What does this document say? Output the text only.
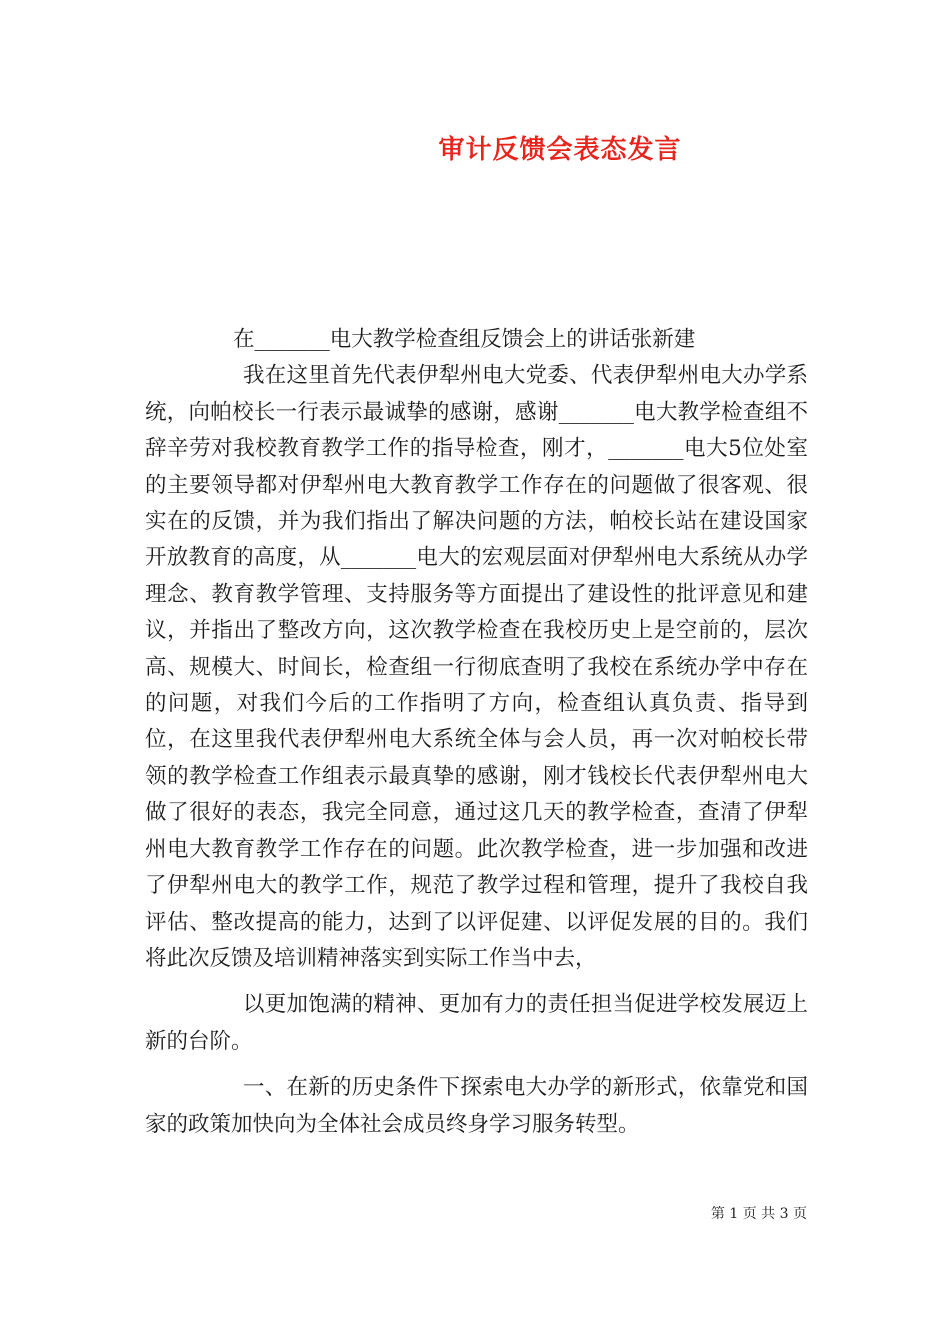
审计反馈会表态发言

在_______电大教学检查组反馈会上的讲话张新建

我在这里首先代表伊犁州电大党委、代表伊犁州电大办学系统，向帕校长一行表示最诚挚的感谢，感谢_______电大教学检查组不辞辛劳对我校教育教学工作的指导检查，刚才，_______电大5位处室的主要领导都对伊犁州电大教育教学工作存在的问题做了很客观、很实在的反馈，并为我们指出了解决问题的方法，帕校长站在建设国家开放教育的高度，从_______电大的宏观层面对伊犁州电大系统从办学理念、教育教学管理、支持服务等方面提出了建设性的批评意见和建议，并指出了整改方向，这次教学检查在我校历史上是空前的，层次高、规模大、时间长，检查组一行彻底查明了我校在系统办学中存在的问题，对我们今后的工作指明了方向，检查组认真负责、指导到位，在这里我代表伊犁州电大系统全体与会人员，再一次对帕校长带领的教学检查工作组表示最真挚的感谢，刚才钱校长代表伊犁州电大做了很好的表态，我完全同意，通过这几天的教学检查，查清了伊犁州电大教育教学工作存在的问题。此次教学检查，进一步加强和改进了伊犁州电大的教学工作，规范了教学过程和管理，提升了我校自我评估、整改提高的能力，达到了以评促建、以评促发展的目的。我们将此次反馈及培训精神落实到实际工作当中去，

以更加饱满的精神、更加有力的责任担当促进学校发展迈上新的台阶。

一、在新的历史条件下探索电大办学的新形式，依靠党和国家的政策加快向为全体社会成员终身学习服务转型。

第 1 页 共 3 页
